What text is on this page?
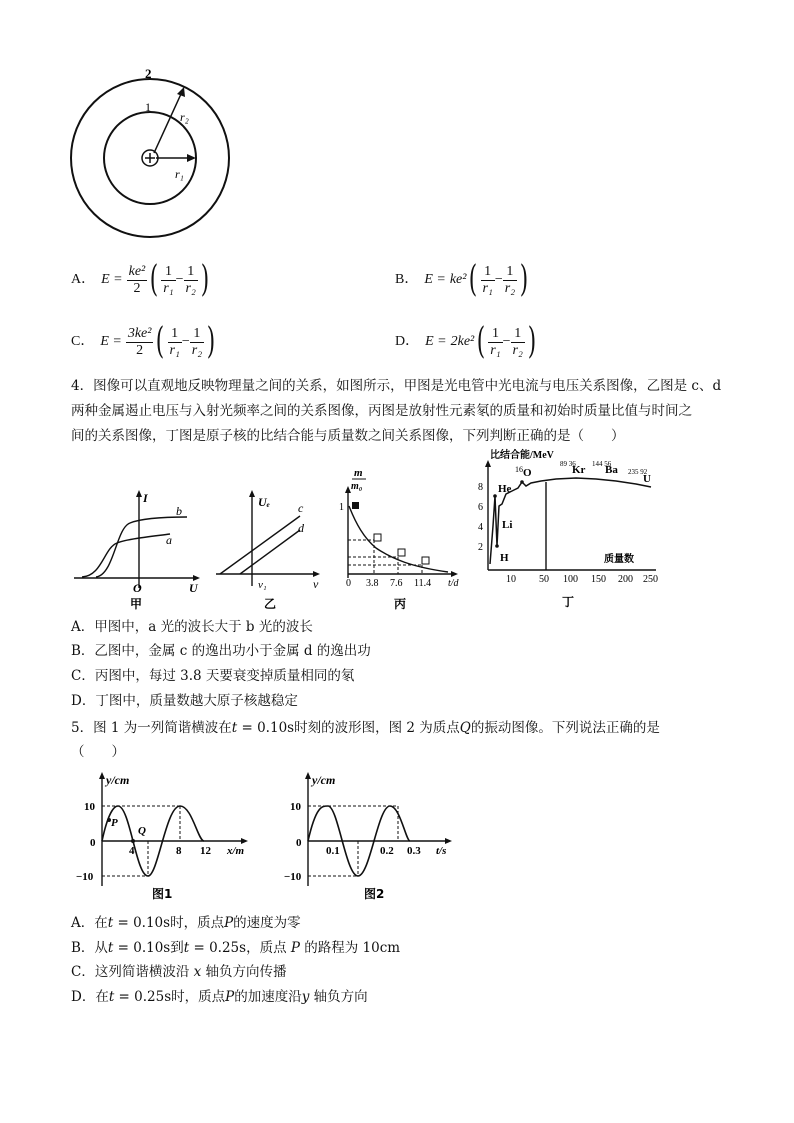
2
1
r₂
r₁
A． $E = \frac{\text{ke²}}{2}$ ( $\frac{1}{\text{r₁}} - \frac{1}{\text{r₂}}$ )	B． E = ke² ( $\frac{1}{\text{r₁}} - \frac{1}{\text{r₂}}$ )
C． $E = \frac{\text{3ke²}}{2}$ ( $\frac{1}{\text{r₁}} - \frac{1}{\text{r₂}}$ )	D． E = 2ke² ( $\frac{1}{\text{r₁}} - \frac{1}{\text{r₂}}$ )
4．图像可以直观地反映物理量之间的关系，如图所示，甲图是光电管中光电流与电压关系图像，乙图是 c、d
两种金属遏止电压与入射光频率之间的关系图像，丙图是放射性元素氡的质量和初始时质量比值与时间之
间的关系图像，丁图是原子核的比结合能与质量数之间关系图像，下列判断正确的是（　　）
I
U
O
a
b
甲
Uₑ
ν
ν₁
c
d
乙
m
m₀
1
0 3.8 7.6 11.4 t/d
丙
比结合能/MeV
8
6
4
2
10 50 100 150 200 250
质量数
He
Li
H
16 O
89 36
Kr 144 56
Ba 235 92
U
丁
A．甲图中，a 光的波长大于 b 光的波长
B．乙图中，金属 c 的逸出功小于金属 d 的逸出功
C．丙图中，每过 3.8 天要衰变掉质量相同的氡
D．丁图中，质量数越大原子核越稳定
5．图 1 为一列简谐横波在t = 0.10s时刻的波形图，图 2 为质点Q的振动图像。下列说法正确的是
（　　）
y/cm
10
0
−10
4	8 12 x/m
P
Q
图1
y/cm
10
0
−10
0.1	0.2 0.3 t/s
图2
A．在t = 0.10s时，质点P的速度为零
B．从t = 0.10s到t = 0.25s，质点 P 的路程为 10cm
C．这列简谐横波沿 x 轴负方向传播
D．在t = 0.25s时，质点P的加速度沿y 轴负方向
